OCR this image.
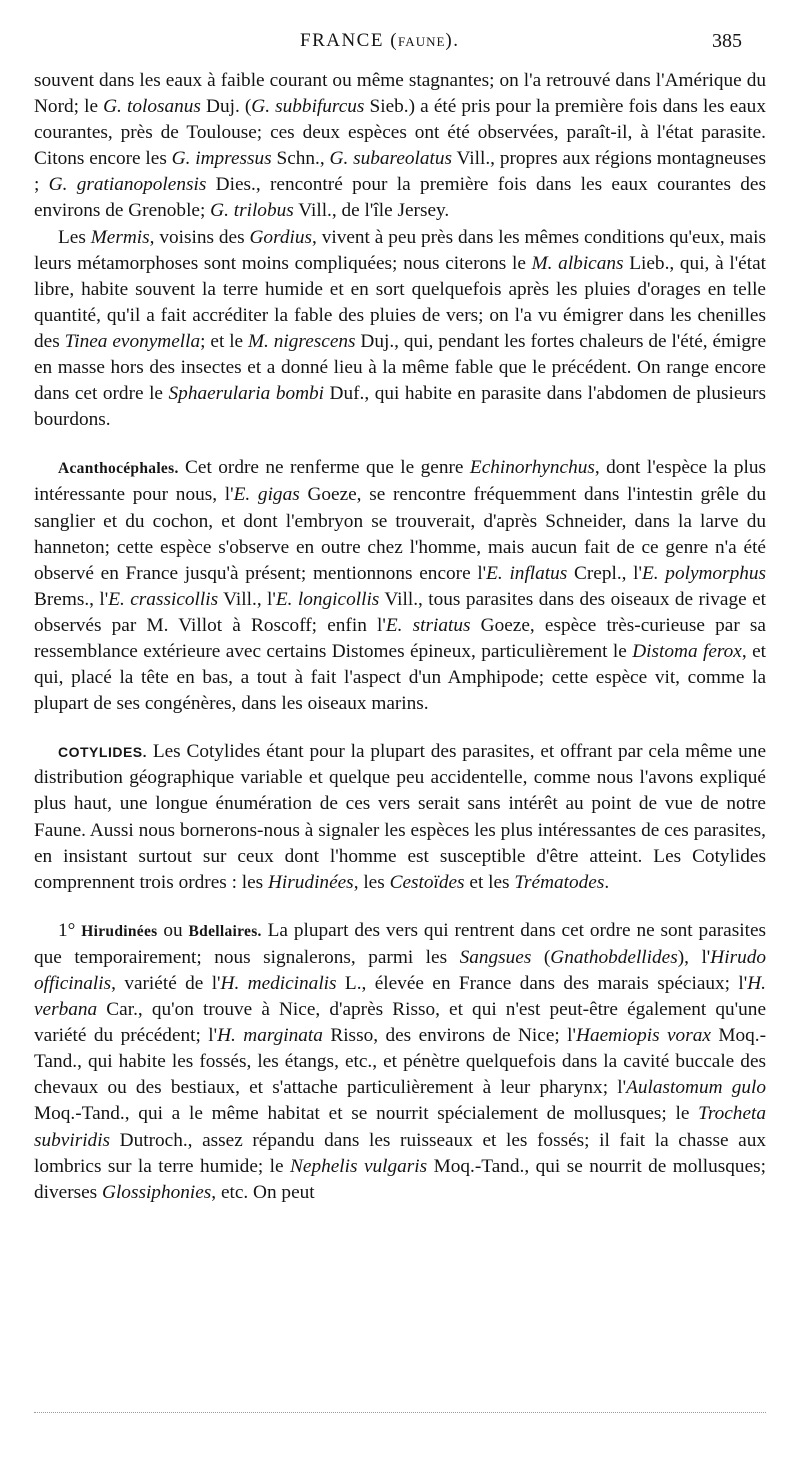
FRANCE (FAUNE).	385

souvent dans les eaux à faible courant ou même stagnantes; on l'a retrouvé dans l'Amérique du Nord; le G. tolosanus Duj. (G. subbifurcus Sieb.) a été pris pour la première fois dans les eaux courantes, près de Toulouse; ces deux espèces ont été observées, paraît-il, à l'état parasite. Citons encore les G. impressus Schn., G. subareolatus Vill., propres aux régions montagneuses ; G. gratianopolensis Dies., rencontré pour la première fois dans les eaux courantes des environs de Grenoble; G. trilobus Vill., de l'île Jersey.

Les Mermis, voisins des Gordius, vivent à peu près dans les mêmes conditions qu'eux, mais leurs métamorphoses sont moins compliquées; nous citerons le M. albicans Lieb., qui, à l'état libre, habite souvent la terre humide et en sort quelquefois après les pluies d'orages en telle quantité, qu'il a fait accréditer la fable des pluies de vers; on l'a vu émigrer dans les chenilles des Tinea evonymella; et le M. nigrescens Duj., qui, pendant les fortes chaleurs de l'été, émigre en masse hors des insectes et a donné lieu à la même fable que le précédent. On range encore dans cet ordre le Sphaerularia bombi Duf., qui habite en parasite dans l'abdomen de plusieurs bourdons.

Acanthocéphales. Cet ordre ne renferme que le genre Echinorhynchus, dont l'espèce la plus intéressante pour nous, l'E. gigas Goeze, se rencontre fréquemment dans l'intestin grêle du sanglier et du cochon, et dont l'embryon se trouverait, d'après Schneider, dans la larve du hanneton; cette espèce s'observe en outre chez l'homme, mais aucun fait de ce genre n'a été observé en France jusqu'à présent; mentionnons encore l'E. inflatus Crepl., l'E. polymorphus Brems., l'E. crassicollis Vill., l'E. longicollis Vill., tous parasites dans des oiseaux de rivage et observés par M. Villot à Roscoff; enfin l'E. striatus Goeze, espèce très-curieuse par sa ressemblance extérieure avec certains Distomes épineux, particulièrement le Distoma ferox, et qui, placé la tête en bas, a tout à fait l'aspect d'un Amphipode; cette espèce vit, comme la plupart de ses congénères, dans les oiseaux marins.

COTYLIDES. Les Cotylides étant pour la plupart des parasites, et offrant par cela même une distribution géographique variable et quelque peu accidentelle, comme nous l'avons expliqué plus haut, une longue énumération de ces vers serait sans intérêt au point de vue de notre Faune. Aussi nous bornerons-nous à signaler les espèces les plus intéressantes de ces parasites, en insistant surtout sur ceux dont l'homme est susceptible d'être atteint. Les Cotylides comprennent trois ordres : les Hirudinées, les Cestoïdes et les Trématodes.

1° Hirudinées ou Bdellaires. La plupart des vers qui rentrent dans cet ordre ne sont parasites que temporairement; nous signalerons, parmi les Sangsues (Gnathobdellides), l'Hirudo officinalis, variété de l'H. medicinalis L., élevée en France dans des marais spéciaux; l'H. verbana Car., qu'on trouve à Nice, d'après Risso, et qui n'est peut-être également qu'une variété du précédent; l'H. marginata Risso, des environs de Nice; l'Haemiopis vorax Moq.-Tand., qui habite les fossés, les étangs, etc., et pénètre quelquefois dans la cavité buccale des chevaux ou des bestiaux, et s'attache particulièrement à leur pharynx; l'Aulastomum gulo Moq.-Tand., qui a le même habitat et se nourrit spécialement de mollusques; le Trocheta subviridis Dutroch., assez répandu dans les ruisseaux et les fossés; il fait la chasse aux lombrics sur la terre humide; le Nephelis vulgaris Moq.-Tand., qui se nourrit de mollusques; diverses Glossiphonies, etc. On peut
